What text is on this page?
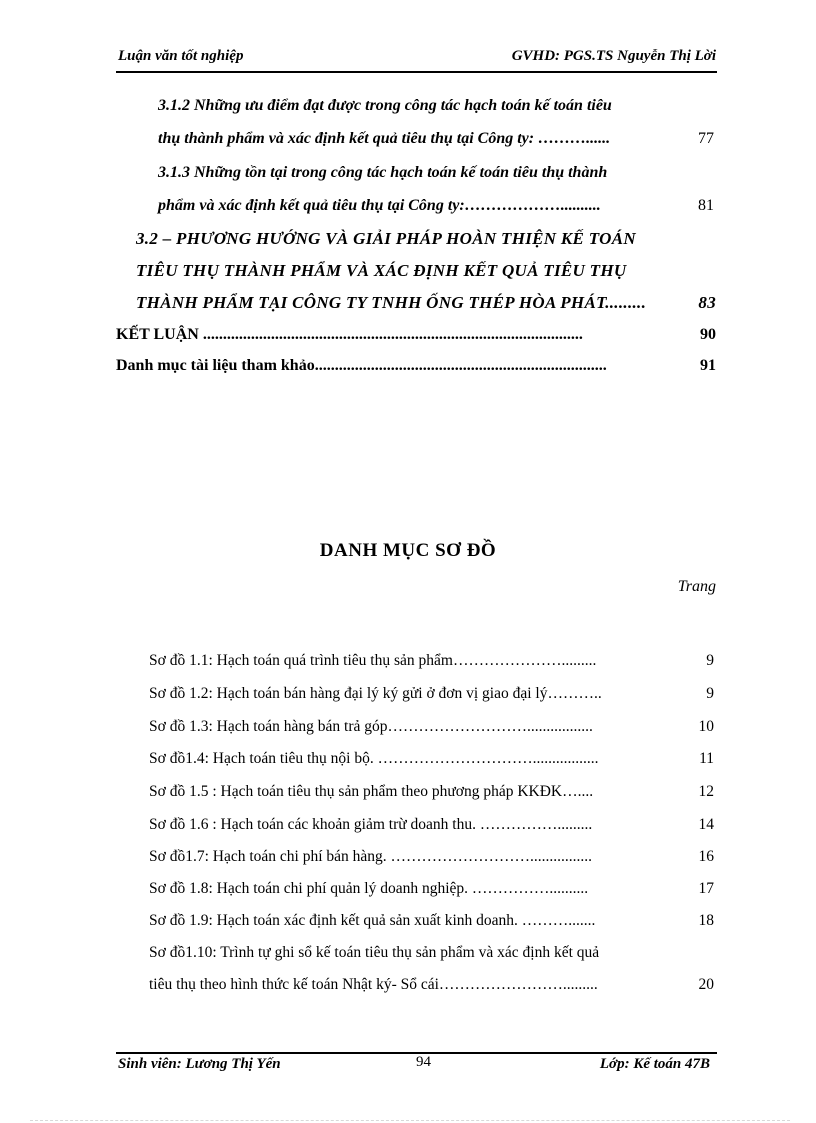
Luận văn tốt nghiệp	GVHD: PGS.TS Nguyễn Thị Lời
3.1.2 Những ưu điểm đạt được trong công tác hạch toán kế toán tiêu
thụ thành phẩm và xác định kết quả tiêu thụ tại Công ty: ………......	77
3.1.3 Những tồn tại trong công tác hạch toán kế toán tiêu thụ thành
phẩm và xác định kết quả tiêu thụ tại Công ty:………………..........	81
3.2 – PHƯƠNG HƯỚNG VÀ GIẢI PHÁP HOÀN THIỆN KẾ TOÁN
TIÊU THỤ THÀNH PHẨM VÀ XÁC ĐỊNH KẾT QUẢ TIÊU THỤ
THÀNH PHẨM TẠI CÔNG TY TNHH ỐNG THÉP HÒA PHÁT.........	83
KẾT LUẬN ...............................................................................................	90
Danh mục tài liệu tham khảo.........................................................................	91
DANH MỤC SƠ ĐỒ
Trang
Sơ đồ 1.1: Hạch toán quá trình tiêu thụ sản phẩm………………….........	9
Sơ đồ 1.2: Hạch toán bán hàng đại lý ký gửi ở đơn vị giao đại lý………..	9
Sơ đồ 1.3: Hạch toán hàng bán trả góp……………………….................	10
Sơ đồ1.4: Hạch toán tiêu thụ nội bộ. ………………………….................	11
Sơ đồ 1.5 : Hạch toán tiêu thụ sản phẩm theo phương pháp KKĐK…....	12
Sơ đồ 1.6 : Hạch toán các khoản giảm trừ doanh thu. …………….........	14
Sơ đồ1.7: Hạch toán chi phí bán hàng. ………………………................	16
Sơ đồ 1.8: Hạch toán chi phí quản lý doanh nghiệp. ……………..........	17
Sơ đồ 1.9: Hạch toán xác định kết quả sản xuất kinh doanh. ……….......	18
Sơ đồ1.10: Trình tự ghi sổ kế toán tiêu thụ sản phẩm và xác định kết quả
tiêu thụ theo hình thức kế toán Nhật ký- Sổ cái…………………….........	20
Sinh viên: Lương Thị Yến	94	Lớp: Kế toán 47B
